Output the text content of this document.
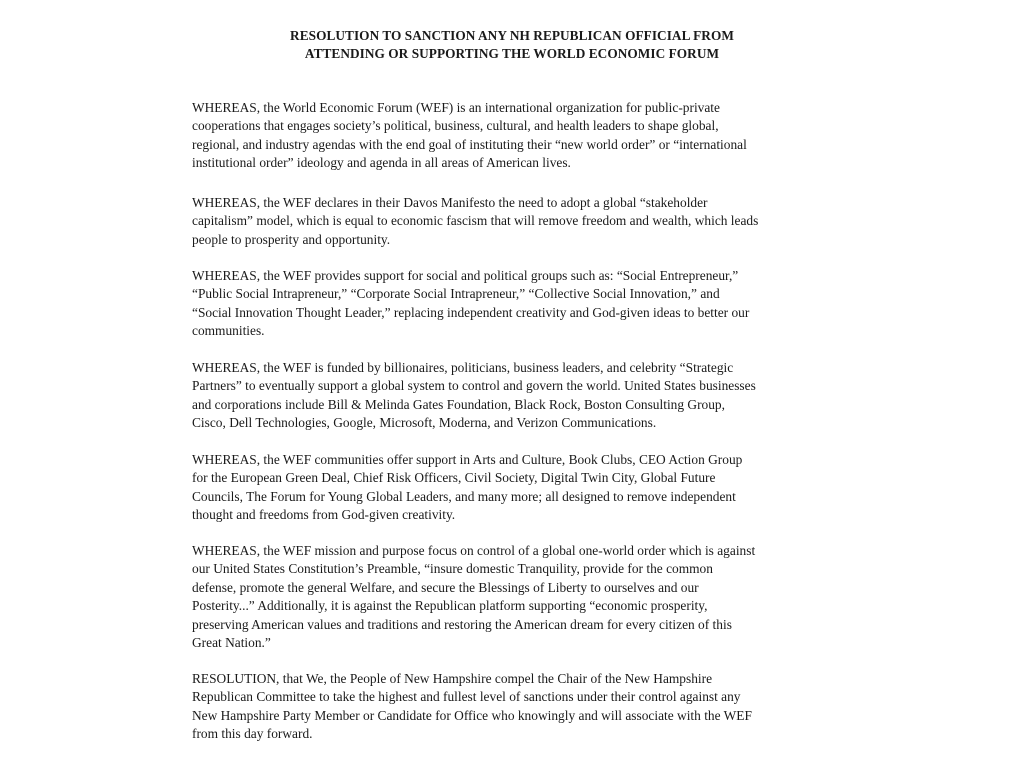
RESOLUTION TO SANCTION ANY NH REPUBLICAN OFFICIAL FROM
ATTENDING OR SUPPORTING THE WORLD ECONOMIC FORUM
WHEREAS, the World Economic Forum (WEF) is an international organization for public-private
cooperations that engages society’s political, business, cultural, and health leaders to shape global,
regional, and industry agendas with the end goal of instituting their “new world order” or “international
institutional order” ideology and agenda in all areas of American lives.
WHEREAS, the WEF declares in their Davos Manifesto the need to adopt a global “stakeholder
capitalism” model, which is equal to economic fascism that will remove freedom and wealth, which leads
people to prosperity and opportunity.
WHEREAS, the WEF provides support for social and political groups such as: “Social Entrepreneur,”
“Public Social Intrapreneur,” “Corporate Social Intrapreneur,” “Collective Social Innovation,” and
“Social Innovation Thought Leader,” replacing independent creativity and God-given ideas to better our
communities.
WHEREAS, the WEF is funded by billionaires, politicians, business leaders, and celebrity “Strategic
Partners” to eventually support a global system to control and govern the world. United States businesses
and corporations include Bill & Melinda Gates Foundation, Black Rock, Boston Consulting Group,
Cisco, Dell Technologies, Google, Microsoft, Moderna, and Verizon Communications.
WHEREAS, the WEF communities offer support in Arts and Culture, Book Clubs, CEO Action Group
for the European Green Deal, Chief Risk Officers, Civil Society, Digital Twin City, Global Future
Councils, The Forum for Young Global Leaders, and many more; all designed to remove independent
thought and freedoms from God-given creativity.
WHEREAS, the WEF mission and purpose focus on control of a global one-world order which is against
our United States Constitution’s Preamble, “insure domestic Tranquility, provide for the common
defense, promote the general Welfare, and secure the Blessings of Liberty to ourselves and our
Posterity...” Additionally, it is against the Republican platform supporting “economic prosperity,
preserving American values and traditions and restoring the American dream for every citizen of this
Great Nation.”
RESOLUTION, that We, the People of New Hampshire compel the Chair of the New Hampshire
Republican Committee to take the highest and fullest level of sanctions under their control against any
New Hampshire Party Member or Candidate for Office who knowingly and will associate with the WEF
from this day forward.
